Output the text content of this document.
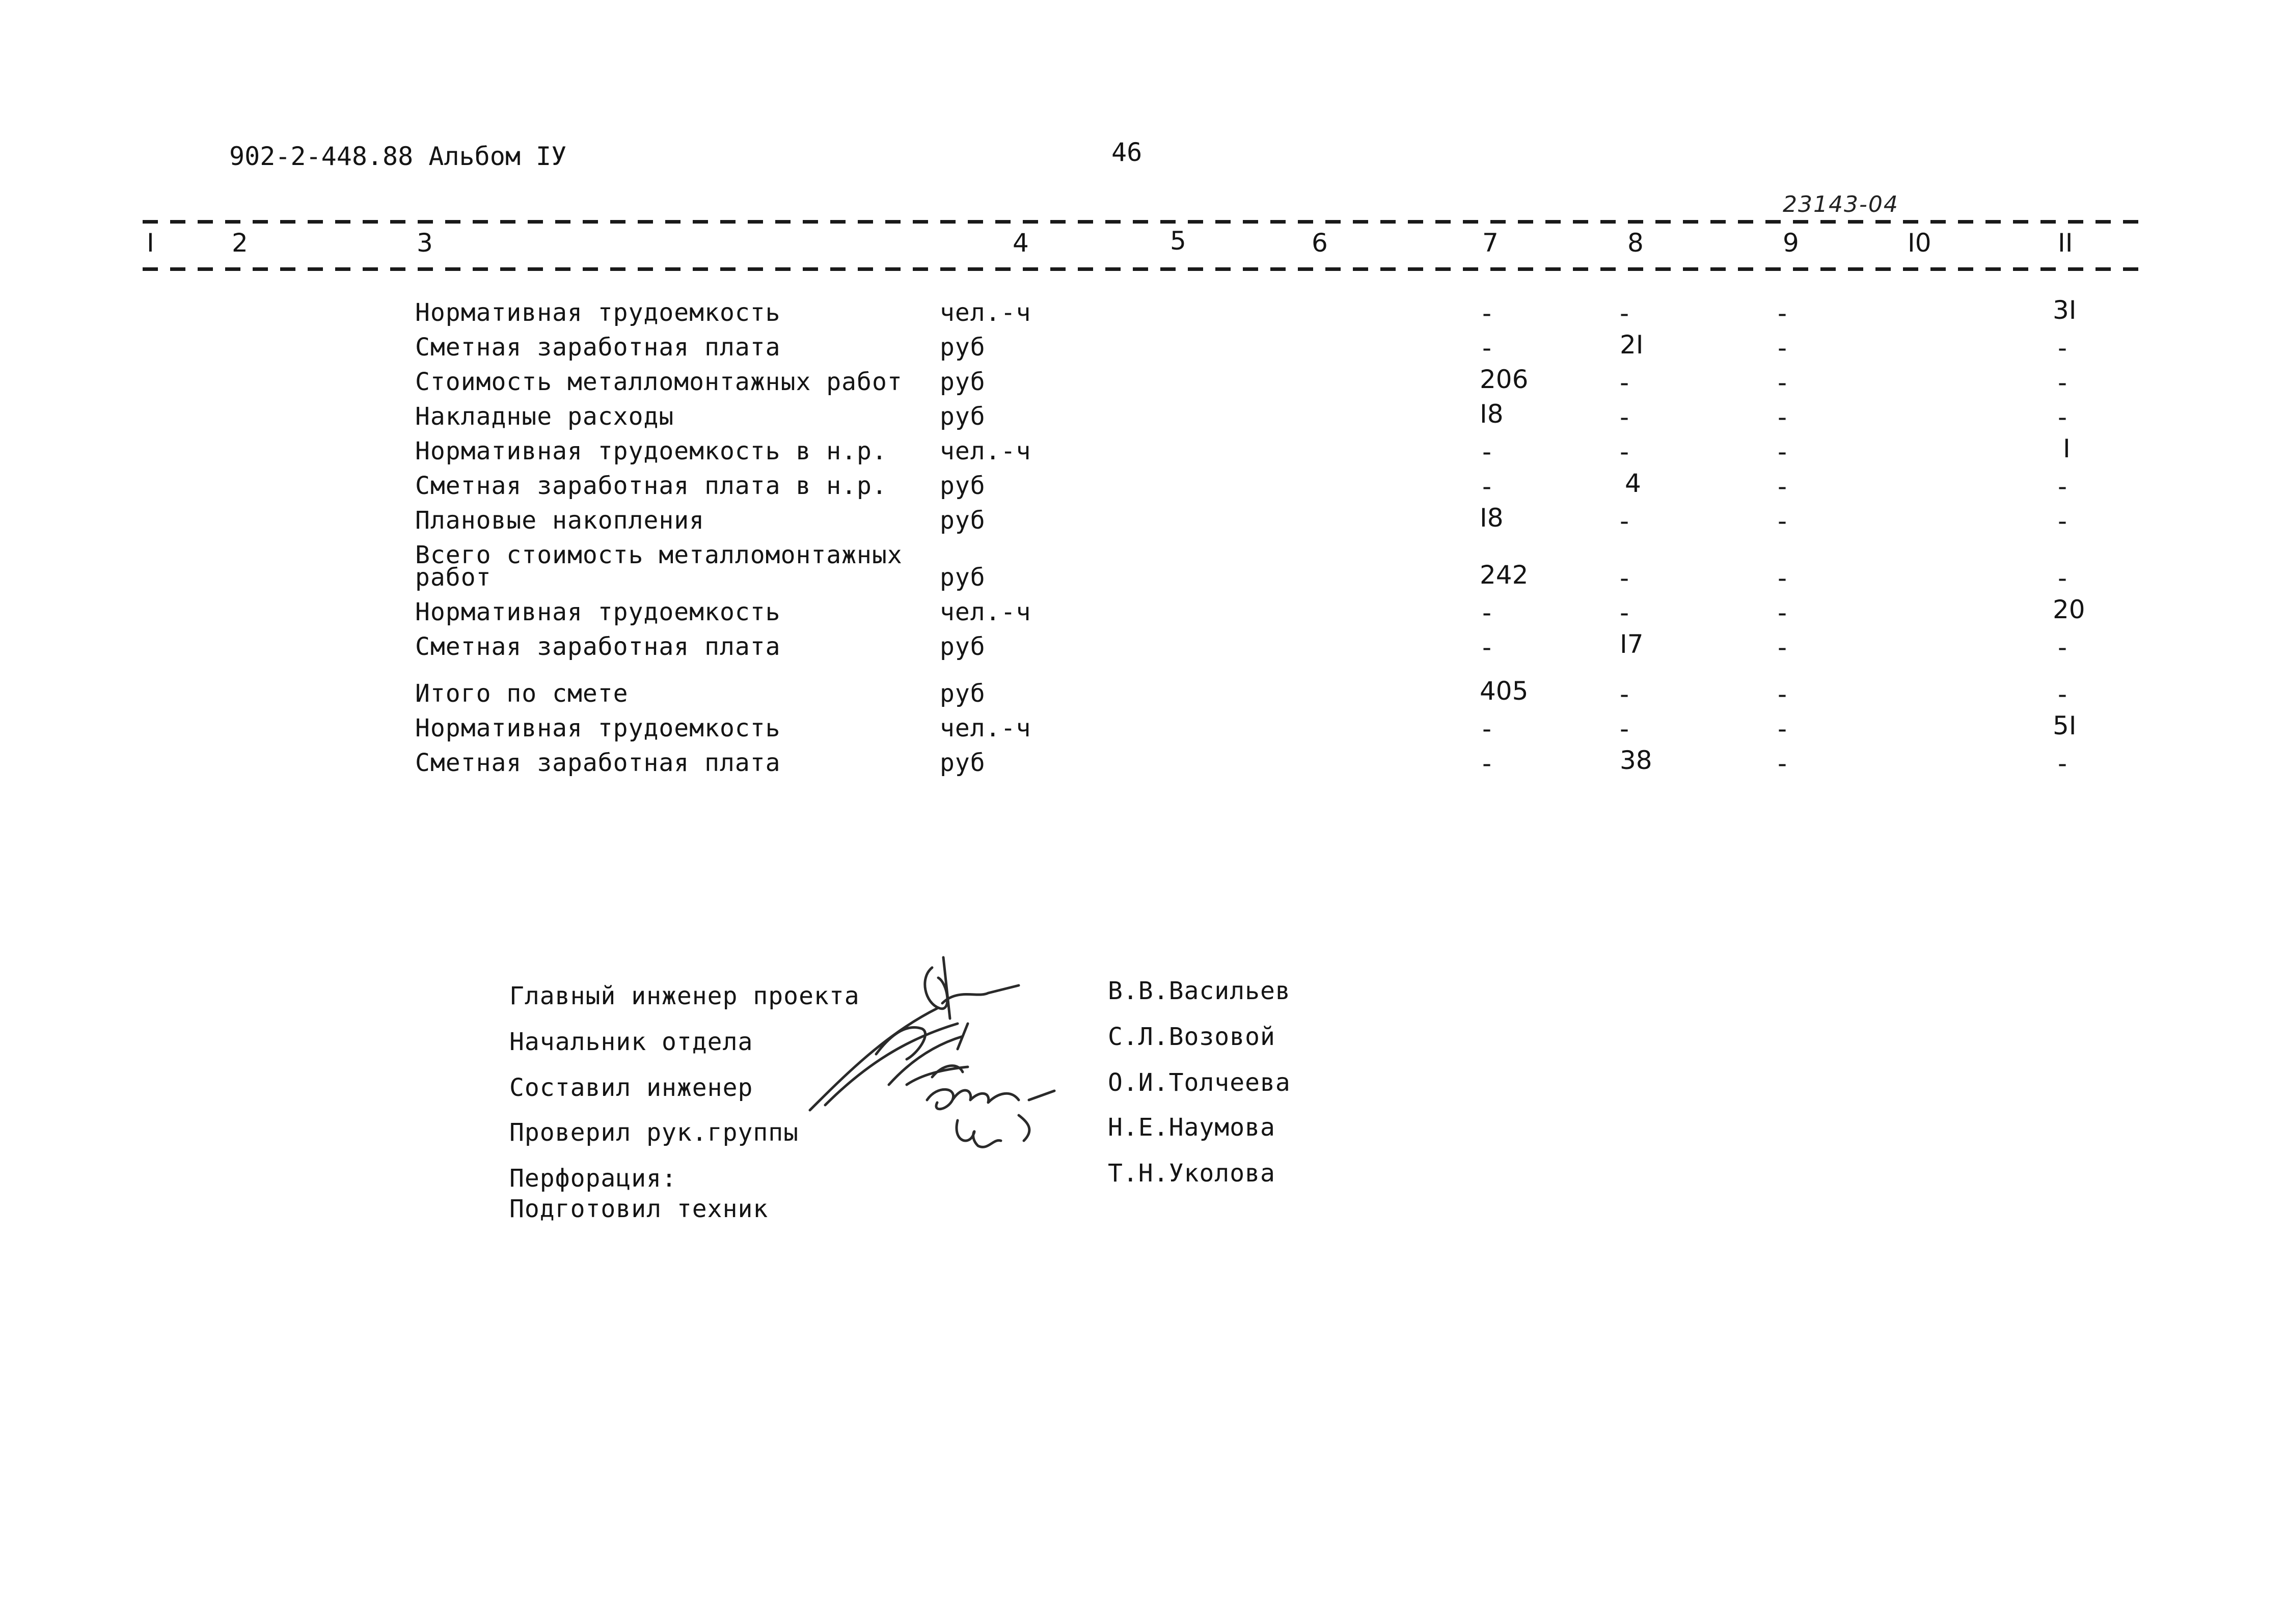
902-2-448.88 Альбом IУ	46
23143-04
I	2	3	4	5	6	7	8	9	I0	II
Нормативная трудоемкость	чел.-ч	-	-	-	3I
Сметная заработная плата	руб	-	2I	-	-
Стоимость металломонтажных работ руб	206	-	-	-
Накладные расходы	руб	I8	-	-	-
Нормативная трудоемкость в н.р. чел.-ч	-	-	-	I
Сметная заработная плата в н.р. руб	-	4	-	-
Плановые накопления	руб	I8	-	-	-
Всего стоимость металломонтажных
работ	руб	242	-	-	-
Нормативная трудоемкость	чел.-ч	-	-	-	20
Сметная заработная плата	руб	-	I7	-	-
Итого по смете	руб	405	-	-	-
Нормативная трудоемкость	чел.-ч	-	-	-	5I
Сметная заработная плата	руб	-	38	-	-
Главный инженер проекта
Начальник отдела
Составил инженер
Проверил рук.группы
Перфорация:
Подготовил техник
В.В.Васильев
С.Л.Возовой
О.И.Толчеева
Н.Е.Наумова
Т.Н.Уколова
